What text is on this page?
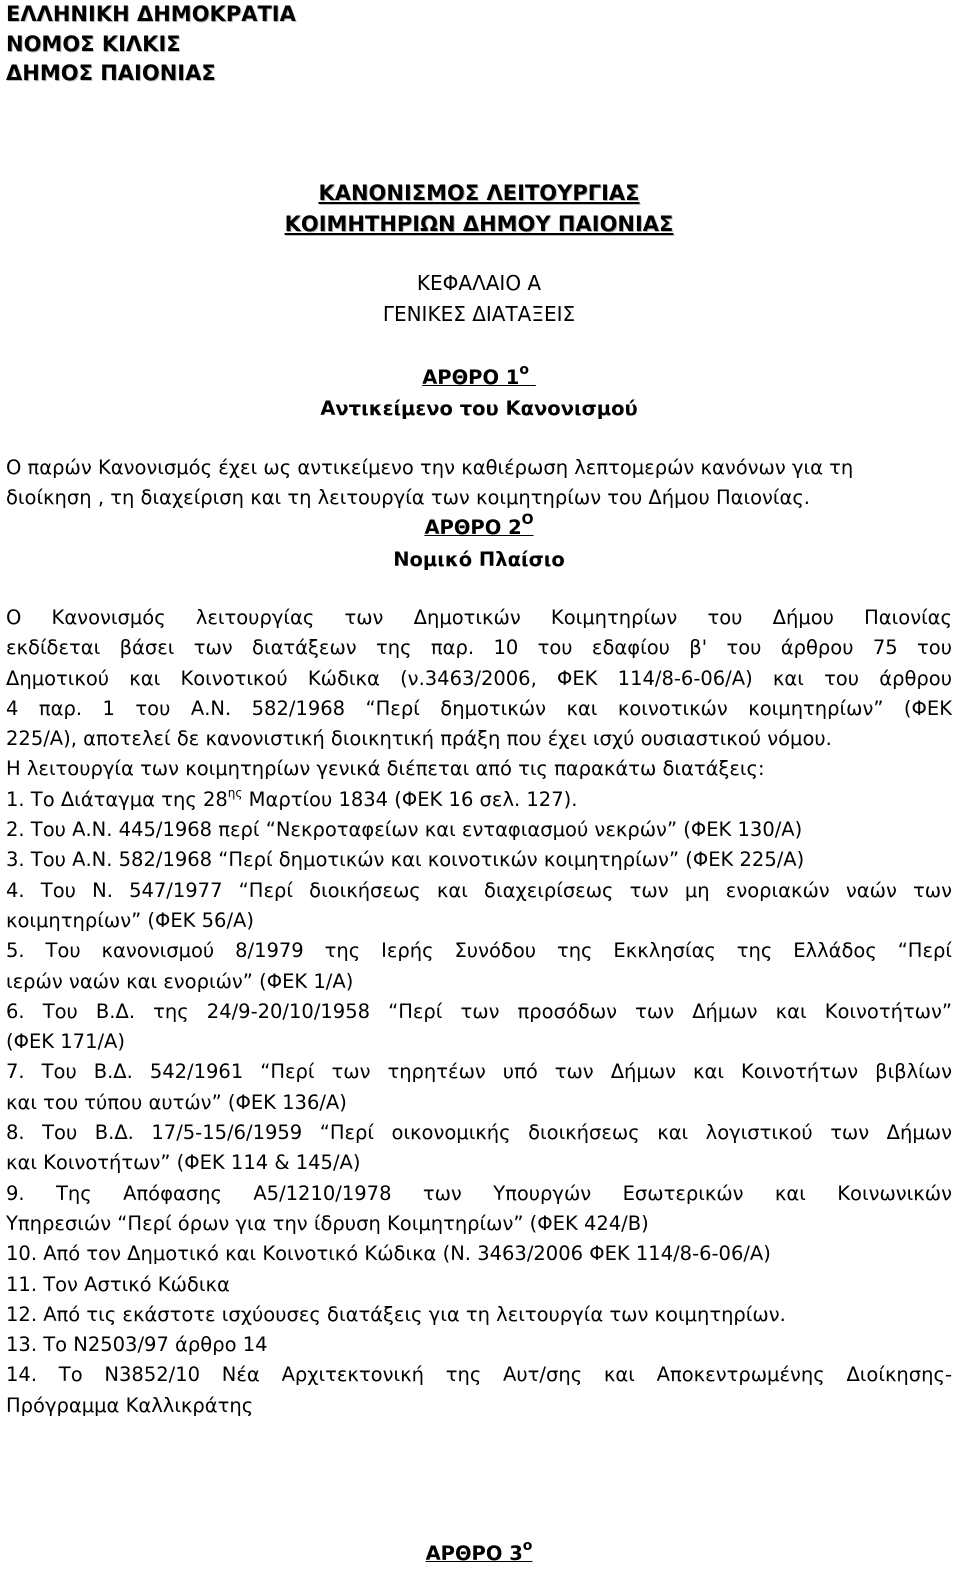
ΕΛΛΗΝΙΚΗ ΔΗΜΟΚΡΑΤΙΑ
ΝΟΜΟΣ ΚΙΛΚΙΣ
ΔΗΜΟΣ ΠΑΙΟΝΙΑΣ
ΚΑΝΟΝΙΣΜΟΣ ΛΕΙΤΟΥΡΓΙΑΣ
ΚΟΙΜΗΤΗΡΙΩΝ ΔΗΜΟΥ ΠΑΙΟΝΙΑΣ
ΚΕΦΑΛΑΙΟ Α
ΓΕΝΙΚΕΣ ΔΙΑΤΑΞΕΙΣ
ΑΡΘΡΟ $1^o$
Αντικείμενο του Κανονισμού
Ο παρών Κανονισμός έχει ως αντικείμενο την καθιέρωση λεπτομερών κανόνων για τη
διοίκηση , τη διαχείριση και τη λειτουργία των κοιμητηρίων του Δήμου Παιονίας.
ΑΡΘΡΟ $2^O$
Νομικό Πλαίσιο
Ο Κανονισμός λειτουργίας των Δημοτικών Κοιμητηρίων του Δήμου Παιονίας
εκδίδεται βάσει των διατάξεων της παρ. 10 του εδαφίου β' του άρθρου 75 του
Δημοτικού και Κοινοτικού Κώδικα (ν.3463/2006, ΦΕΚ 114/8-6-06/Α) και του άρθρου
4 παρ. 1 του Α.Ν. 582/1968 “Περί δημοτικών και κοινοτικών κοιμητηρίων” (ΦΕΚ
225/Α), αποτελεί δε κανονιστική διοικητική πράξη που έχει ισχύ ουσιαστικού νόμου.
Η λειτουργία των κοιμητηρίων γενικά διέπεται από τις παρακάτω διατάξεις:
1. Το Διάταγμα της $28^{\eta\varsigma}$ Μαρτίου 1834 (ΦΕΚ 16 σελ. 127).
2. Του Α.Ν. 445/1968 περί “Νεκροταφείων και ενταφιασμού νεκρών” (ΦΕΚ 130/Α)
3. Του Α.Ν. 582/1968 “Περί δημοτικών και κοινοτικών κοιμητηρίων” (ΦΕΚ 225/Α)
4. Του Ν. 547/1977 “Περί διοικήσεως και διαχειρίσεως των μη ενοριακών ναών των
κοιμητηρίων” (ΦΕΚ 56/Α)
5. Του κανονισμού 8/1979 της Ιερής Συνόδου της Εκκλησίας της Ελλάδος “Περί
ιερών ναών και ενοριών” (ΦΕΚ 1/Α)
6. Του Β.Δ. της 24/9-20/10/1958 “Περί των προσόδων των Δήμων και Κοινοτήτων”
(ΦΕΚ 171/Α)
7. Του Β.Δ. 542/1961 “Περί των τηρητέων υπό των Δήμων και Κοινοτήτων βιβλίων
και του τύπου αυτών” (ΦΕΚ 136/Α)
8. Του Β.Δ. 17/5-15/6/1959 “Περί οικονομικής διοικήσεως και λογιστικού των Δήμων
και Κοινοτήτων” (ΦΕΚ 114 & 145/Α)
9. Της Απόφασης Α5/1210/1978 των Υπουργών Εσωτερικών και Κοινωνικών
Υπηρεσιών “Περί όρων για την ίδρυση Κοιμητηρίων” (ΦΕΚ 424/Β)
10. Από τον Δημοτικό και Κοινοτικό Κώδικα (Ν. 3463/2006 ΦΕΚ 114/8-6-06/Α)
11. Τον Αστικό Κώδικα
12. Από τις εκάστοτε ισχύουσες διατάξεις για τη λειτουργία των κοιμητηρίων.
13. Το Ν2503/97 άρθρο 14
14. Το Ν3852/10 Νέα Αρχιτεκτονική της Αυτ/σης και Αποκεντρωμένης Διοίκησης-
Πρόγραμμα Καλλικράτης
ΑΡΘΡΟ $3^o$
